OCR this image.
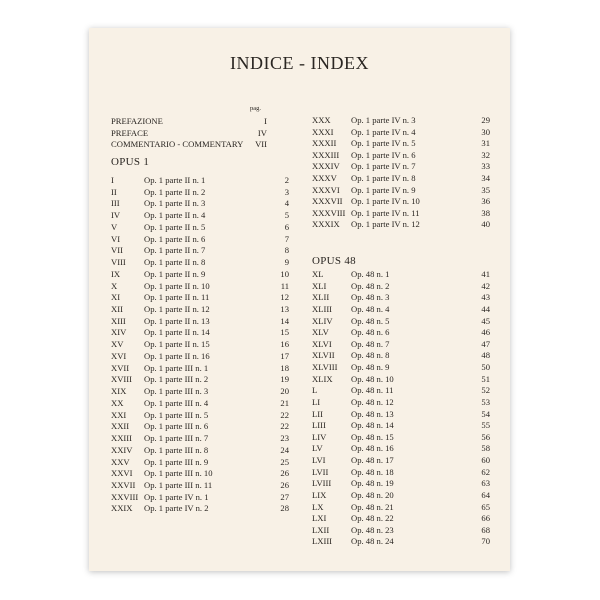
INDICE - INDEX
pag.
PREFAZIONE	I
PREFACE	IV
COMMENTARIO - COMMENTARY	VII
OPUS 1
I	Op. 1 parte II n. 1	2
II	Op. 1 parte II n. 2	3
III	Op. 1 parte II n. 3	4
IV	Op. 1 parte II n. 4	5
V	Op. 1 parte II n. 5	6
VI	Op. 1 parte II n. 6	7
VII Op. 1 parte II n. 7	8
VIII Op. 1 parte II n. 8	9
IX	Op. 1 parte II n. 9	10
X	Op. 1 parte II n. 10	11
XI	Op. 1 parte II n. 11	12
XII Op. 1 parte II n. 12	13
XIII Op. 1 parte II n. 13	14
XIV Op. 1 parte II n. 14	15
XV Op. 1 parte II n. 15	16
XVI Op. 1 parte II n. 16	17
XVII Op. 1 parte III n. 1	18
XVIII Op. 1 parte III n. 2	19
XIX Op. 1 parte III n. 3	20
XX Op. 1 parte III n. 4	21
XXI Op. 1 parte III n. 5	22
XXII Op. 1 parte III n. 6	22
XXIII Op. 1 parte III n. 7	23
XXIV Op. 1 parte III n. 8	24
XXV Op. 1 parte III n. 9	25
XXVI Op. 1 parte III n. 10	26
XXVII Op. 1 parte III n. 11	26
XXVIII Op. 1 parte IV n. 1	27
XXIX Op. 1 parte IV n. 2	28
XXX Op. 1 parte IV n. 3	29
XXXI Op. 1 parte IV n. 4	30
XXXII Op. 1 parte IV n. 5	31
XXXIII Op. 1 parte IV n. 6	32
XXXIV Op. 1 parte IV n. 7	33
XXXV Op. 1 parte IV n. 8	34
XXXVI Op. 1 parte IV n. 9	35
XXXVII Op. 1 parte IV n. 10	36
XXXVIII Op. 1 parte IV n. 11	38
XXXIX Op. 1 parte IV n. 12	40
OPUS 48
XL	Op. 48 n. 1	41
XLI	Op. 48 n. 2	42
XLII	Op. 48 n. 3	43
XLIII Op. 48 n. 4	44
XLIV Op. 48 n. 5	45
XLV	Op. 48 n. 6	46
XLVI Op. 48 n. 7	47
XLVII Op. 48 n. 8	48
XLVIII Op. 48 n. 9	50
XLIX Op. 48 n. 10	51
L	Op. 48 n. 11	52
LI	Op. 48 n. 12	53
LII	Op. 48 n. 13	54
LIII	Op. 48 n. 14	55
LIV	Op. 48 n. 15	56
LV	Op. 48 n. 16	58
LVI	Op. 48 n. 17	60
LVII	Op. 48 n. 18	62
LVIII Op. 48 n. 19	63
LIX	Op. 48 n. 20	64
LX	Op. 48 n. 21	65
LXI	Op. 48 n. 22	66
LXII	Op. 48 n. 23	68
LXIII Op. 48 n. 24	70
